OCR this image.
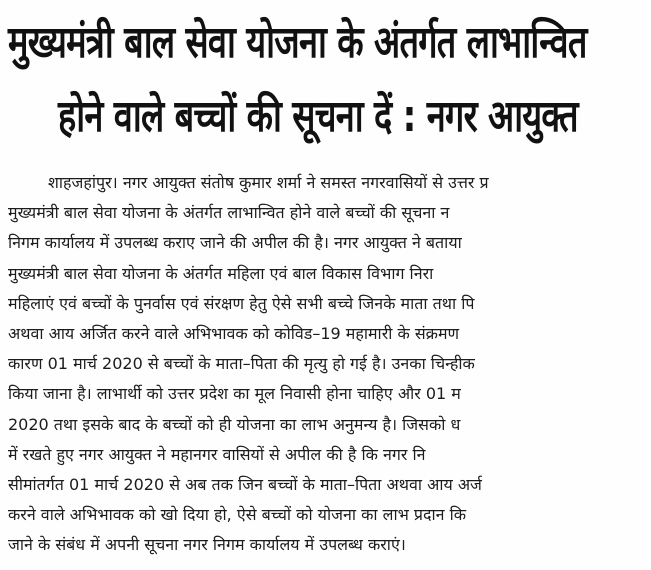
मुख्यमंत्री बाल सेवा योजना के अंतर्गत लाभान्वित
होने वाले बच्चों की सूचना दें : नगर आयुक्त
शाहजहांपुर। नगर आयुक्त संतोष कुमार शर्मा ने समस्त नगरवासियों से उत्तर प्र
मुख्यमंत्री बाल सेवा योजना के अंतर्गत लाभान्वित होने वाले बच्चों की सूचना न
निगम कार्यालय में उपलब्ध कराए जाने की अपील की है। नगर आयुक्त ने बताया
मुख्यमंत्री बाल सेवा योजना के अंतर्गत महिला एवं बाल विकास विभाग निरा
महिलाएं एवं बच्चों के पुनर्वास एवं संरक्षण हेतु ऐसे सभी बच्चे जिनके माता तथा पि
अथवा आय अर्जित करने वाले अभिभावक को कोविड–19 महामारी के संक्रमण
कारण 01 मार्च 2020 से बच्चों के माता–पिता की मृत्यु हो गई है। उनका चिन्हीक
किया जाना है। लाभार्थी को उत्तर प्रदेश का मूल निवासी होना चाहिए और 01 म
2020 तथा इसके बाद के बच्चों को ही योजना का लाभ अनुमन्य है। जिसको ध
में रखते हुए नगर आयुक्त ने महानगर वासियों से अपील की है कि नगर नि
सीमांतर्गत 01 मार्च 2020 से अब तक जिन बच्चों के माता–पिता अथवा आय अर्ज
करने वाले अभिभावक को खो दिया हो, ऐसे बच्चों को योजना का लाभ प्रदान कि
जाने के संबंध में अपनी सूचना नगर निगम कार्यालय में उपलब्ध कराएं।
